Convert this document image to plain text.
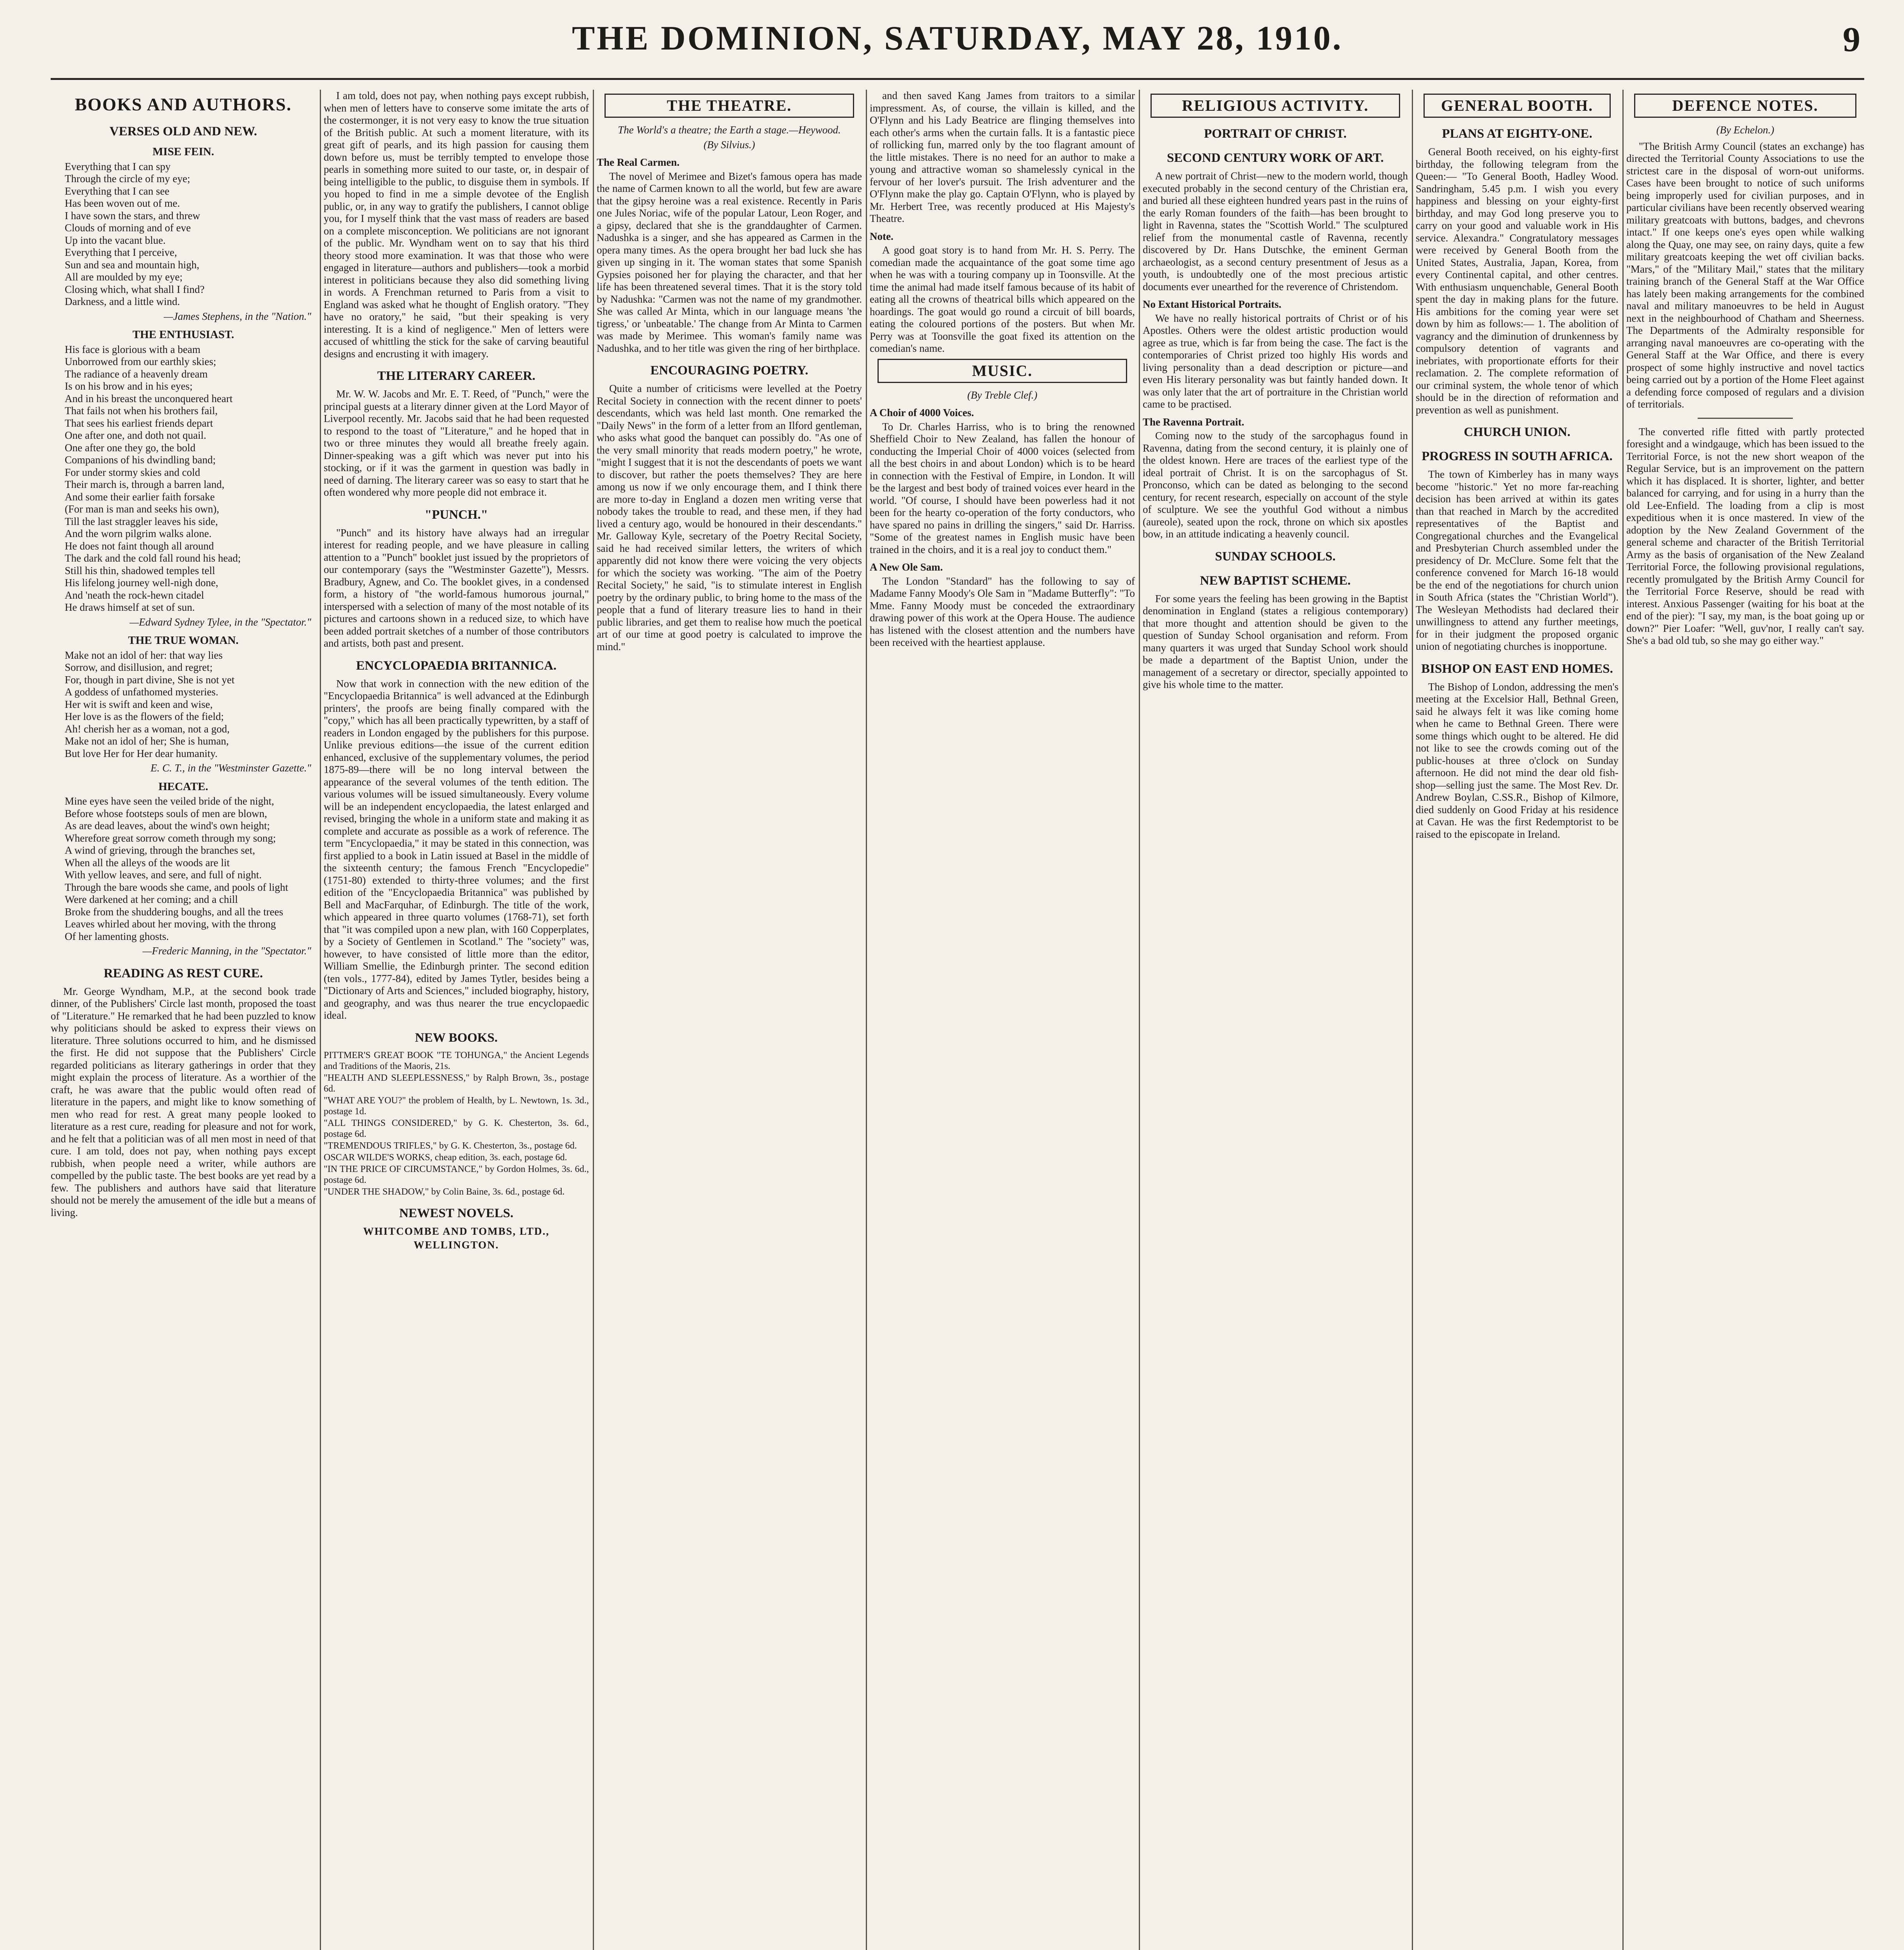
THE DOMINION, SATURDAY, MAY 28, 1910.	9
BOOKS AND AUTHORS.
VERSES OLD AND NEW.
MISE FEIN.
Everything that I can spy
Through the circle of my eye;
Everything that I can see
Has been woven out of me.
I have sown the stars, and threw
Clouds of morning and of eve
Up into the vacant blue.
Everything that I perceive,
Sun and sea and mountain high,
All are moulded by my eye;
Closing which, what shall I find?
Darkness, and a little wind.
—James Stephens, in the "Nation."
THE ENTHUSIAST.
His face is glorious with a beam
Unborrowed from our earthly skies;
The radiance of a heavenly dream
Is on his brow and in his eyes;
And in his breast the unconquered heart
That fails not when his brothers fail,
That sees his earliest friends depart
One after one, and doth not quail.
One after one they go, the bold
Companions of his dwindling band;
For under stormy skies and cold
Their march is, through a barren land,
And some their earlier faith forsake
(For man is man and seeks his own),
Till the last straggler leaves his side,
And the worn pilgrim walks alone.
He does not faint though all around
The dark and the cold fall round his head;
Still his thin, shadowed temples tell
His lifelong journey well-nigh done,
And 'neath the rock-hewn citadel
He draws himself at set of sun.
—Edward Sydney Tylee, in the "Spectator."
THE TRUE WOMAN.
Make not an idol of her: that way lies
Sorrow, and disillusion, and regret;
For, though in part divine, She is not yet
A goddess of unfathomed mysteries.
Her wit is swift and keen and wise,
Her love is as the flowers of the field;
Ah! cherish her as a woman, not a god,
Make not an idol of her; She is human,
But love Her for Her dear humanity.
E. C. T., in the "Westminster Gazette."
HECATE.
Mine eyes have seen the veiled bride of the night,
Before whose footsteps souls of men are blown,
As are dead leaves, about the wind's own height;
Wherefore great sorrow cometh through my song;
A wind of grieving, through the branches set,
When all the alleys of the woods are lit
With yellow leaves, and sere, and full of night.
Through the bare woods she came, and pools of light
Were darkened at her coming; and a chill
Broke from the shuddering boughs, and all the trees
Leaves whirled about her moving, with the throng
Of her lamenting ghosts.
—Frederic Manning, in the "Spectator."
READING AS REST CURE.

Mr. George Wyndham, M.P., at the second book trade dinner, of the Publishers' Circle last month, proposed the toast of "Literature." He remarked that he had been puzzled to know why politicians should be asked to express their views on literature. Three solutions occurred to him, and he dismissed the first. He did not suppose that the Publishers' Circle regarded politicians as literary gatherings in order that they might explain the process of literature. As a worthier of the craft, he was aware that the public would often read of literature in the papers, and might like to know something of men who read for rest. A great many people looked to literature as a rest cure, reading for pleasure and not for work, and he felt that a politician was of all men most in need of that cure. I am told, does not pay, when nothing pays except rubbish, when people need a writer, while authors are compelled by the public taste. The best books are yet read by a few. The publishers and authors have said that literature should not be merely the amusement of the idle but a means of living.

I am told, does not pay, when nothing pays except rubbish, when men of letters have to conserve some imitate the arts of the costermonger, it is not very easy to know the true situation of the British public. At such a moment literature, with its great gift of pearls, and its high passion for causing them down before us, must be terribly tempted to envelope those pearls in something more suited to our taste, or, in despair of being intelligible to the public, to disguise them in symbols. If you hoped to find in me a simple devotee of the English public, or, in any way to gratify the publishers, I cannot oblige you, for I myself think that the vast mass of readers are based on a complete misconception. We politicians are not ignorant of the public. Mr. Wyndham went on to say that his third theory stood more examination. It was that those who were engaged in literature—authors and publishers—took a morbid interest in politicians because they also did something living in words. A Frenchman returned to Paris from a visit to England was asked what he thought of English oratory. "They have no oratory," he said, "but their speaking is very interesting. It is a kind of negligence." Men of letters were accused of whittling the stick for the sake of carving beautiful designs and encrusting it with imagery.

THE LITERARY CAREER.

Mr. W. W. Jacobs and Mr. E. T. Reed, of "Punch," were the principal guests at a literary dinner given at the Lord Mayor of Liverpool recently. Mr. Jacobs said that he had been requested to respond to the toast of "Literature," and he hoped that in two or three minutes they would all breathe freely again. Dinner-speaking was a gift which was never put into his stocking, or if it was the garment in question was badly in need of darning. The literary career was so easy to start that he often wondered why more people did not embrace it.

"PUNCH."

"Punch" and its history have always had an irregular interest for reading people, and we have pleasure in calling attention to a "Punch" booklet just issued by the proprietors of our contemporary (says the "Westminster Gazette"), Messrs. Bradbury, Agnew, and Co. The booklet gives, in a condensed form, a history of "the world-famous humorous journal," interspersed with a selection of many of the most notable of its pictures and cartoons shown in a reduced size, to which have been added portrait sketches of a number of those contributors and artists, both past and present.

ENCYCLOPAEDIA BRITANNICA.

Now that work in connection with the new edition of the "Encyclopaedia Britannica" is well advanced at the Edinburgh printers', the proofs are being finally compared with the "copy," which has all been practically typewritten, by a staff of readers in London engaged by the publishers for this purpose. Unlike previous editions—the issue of the current edition enhanced, exclusive of the supplementary volumes, the period 1875-89—there will be no long interval between the appearance of the several volumes of the tenth edition. The various volumes will be issued simultaneously. Every volume will be an independent encyclopaedia, the latest enlarged and revised, bringing the whole in a uniform state and making it as complete and accurate as possible as a work of reference. The term "Encyclopaedia," it may be stated in this connection, was first applied to a book in Latin issued at Basel in the middle of the sixteenth century; the famous French "Encyclopedie" (1751-80) extended to thirty-three volumes; and the first edition of the "Encyclopaedia Britannica" was published by Bell and MacFarquhar, of Edinburgh. The title of the work, which appeared in three quarto volumes (1768-71), set forth that "it was compiled upon a new plan, with 160 Copperplates, by a Society of Gentlemen in Scotland." The "society" was, however, to have consisted of little more than the editor, William Smellie, the Edinburgh printer. The second edition (ten vols., 1777-84), edited by James Tytler, besides being a "Dictionary of Arts and Sciences," included biography, history, and geography, and was thus nearer the true encyclopaedic ideal.

NEW BOOKS.
PITTMER'S GREAT BOOK "TE TOHUNGA," the Ancient Legends and Traditions of the Maoris, 21s.
"HEALTH AND SLEEPLESSNESS," by Ralph Brown, 3s., postage 6d.
"WHAT ARE YOU?" the problem of Health, by L. Newtown, 1s. 3d., postage 1d.
"ALL THINGS CONSIDERED," by G. K. Chesterton, 3s. 6d., postage 6d.
"TREMENDOUS TRIFLES," by G. K. Chesterton, 3s., postage 6d.
OSCAR WILDE'S WORKS, cheap edition, 3s. each, postage 6d.
"IN THE PRICE OF CIRCUMSTANCE," by Gordon Holmes, 3s. 6d., postage 6d.
"UNDER THE SHADOW," by Colin Baine, 3s. 6d., postage 6d.
NEWEST NOVELS.
WHITCOMBE AND TOMBS, LTD.,
WELLINGTON.
THE THEATRE.
The World's a theatre; the Earth a stage.—Heywood.
(By Silvius.)
The Real Carmen.

The novel of Merimee and Bizet's famous opera has made the name of Carmen known to all the world, but few are aware that the gipsy heroine was a real existence. Recently in Paris one Jules Noriac, wife of the popular Latour, Leon Roger, and a gipsy, declared that she is the granddaughter of Carmen. Nadushka is a singer, and she has appeared as Carmen in the opera many times. As the opera brought her bad luck she has given up singing in it. The woman states that some Spanish Gypsies poisoned her for playing the character, and that her life has been threatened several times. That it is the story told by Nadushka: "Carmen was not the name of my grandmother. She was called Ar Minta, which in our language means 'the tigress,' or 'unbeatable.' The change from Ar Minta to Carmen was made by Merimee. This woman's family name was Nadushka, and to her title was given the ring of her birthplace.

ENCOURAGING POETRY.

Quite a number of criticisms were levelled at the Poetry Recital Society in connection with the recent dinner to poets' descendants, which was held last month. One remarked the "Daily News" in the form of a letter from an Ilford gentleman, who asks what good the banquet can possibly do. "As one of the very small minority that reads modern poetry," he wrote, "might I suggest that it is not the descendants of poets we want to discover, but rather the poets themselves? They are here among us now if we only encourage them, and I think there are more to-day in England a dozen men writing verse that nobody takes the trouble to read, and these men, if they had lived a century ago, would be honoured in their descendants." Mr. Galloway Kyle, secretary of the Poetry Recital Society, said he had received similar letters, the writers of which apparently did not know there were voicing the very objects for which the society was working. "The aim of the Poetry Recital Society," he said, "is to stimulate interest in English poetry by the ordinary public, to bring home to the mass of the people that a fund of literary treasure lies to hand in their public libraries, and get them to realise how much the poetical art of our time at good poetry is calculated to improve the mind."

and then saved Kang James from traitors to a similar impressment. As, of course, the villain is killed, and the O'Flynn and his Lady Beatrice are flinging themselves into each other's arms when the curtain falls. It is a fantastic piece of rollicking fun, marred only by the too flagrant amount of the little mistakes. There is no need for an author to make a young and attractive woman so shamelessly cynical in the fervour of her lover's pursuit. The Irish adventurer and the O'Flynn make the play go. Captain O'Flynn, who is played by Mr. Herbert Tree, was recently produced at His Majesty's Theatre.

Note.

A good goat story is to hand from Mr. H. S. Perry. The comedian made the acquaintance of the goat some time ago when he was with a touring company up in Toonsville. At the time the animal had made itself famous because of its habit of eating all the crowns of theatrical bills which appeared on the hoardings. The goat would go round a circuit of bill boards, eating the coloured portions of the posters. But when Mr. Perry was at Toonsville the goat fixed its attention on the comedian's name.

MUSIC.
(By Treble Clef.)
A Choir of 4000 Voices.

To Dr. Charles Harriss, who is to bring the renowned Sheffield Choir to New Zealand, has fallen the honour of conducting the Imperial Choir of 4000 voices (selected from all the best choirs in and about London) which is to be heard in connection with the Festival of Empire, in London. It will be the largest and best body of trained voices ever heard in the world. "Of course, I should have been powerless had it not been for the hearty co-operation of the forty conductors, who have spared no pains in drilling the singers," said Dr. Harriss. "Some of the greatest names in English music have been trained in the choirs, and it is a real joy to conduct them."

A New Ole Sam.

The London "Standard" has the following to say of Madame Fanny Moody's Ole Sam in "Madame Butterfly": "To Mme. Fanny Moody must be conceded the extraordinary drawing power of this work at the Opera House. The audience has listened with the closest attention and the numbers have been received with the heartiest applause.

RELIGIOUS ACTIVITY.
PORTRAIT OF CHRIST.
SECOND CENTURY WORK OF ART.

A new portrait of Christ—new to the modern world, though executed probably in the second century of the Christian era, and buried all these eighteen hundred years past in the ruins of the early Roman founders of the faith—has been brought to light in Ravenna, states the "Scottish World." The sculptured relief from the monumental castle of Ravenna, recently discovered by Dr. Hans Dutschke, the eminent German archaeologist, as a second century presentment of Jesus as a youth, is undoubtedly one of the most precious artistic documents ever unearthed for the reverence of Christendom.

No Extant Historical Portraits.

We have no really historical portraits of Christ or of his Apostles. Others were the oldest artistic production would agree as true, which is far from being the case. The fact is the contemporaries of Christ prized too highly His words and living personality than a dead description or picture—and even His literary personality was but faintly handed down. It was only later that the art of portraiture in the Christian world came to be practised.

The Ravenna Portrait.

Coming now to the study of the sarcophagus found in Ravenna, dating from the second century, it is plainly one of the oldest known. Here are traces of the earliest type of the ideal portrait of Christ. It is on the sarcophagus of St. Pronconso, which can be dated as belonging to the second century, for recent research, especially on account of the style of sculpture. We see the youthful God without a nimbus (aureole), seated upon the rock, throne on which six apostles bow, in an attitude indicating a heavenly council.

SUNDAY SCHOOLS.
NEW BAPTIST SCHEME.

For some years the feeling has been growing in the Baptist denomination in England (states a religious contemporary) that more thought and attention should be given to the question of Sunday School organisation and reform. From many quarters it was urged that Sunday School work should be made a department of the Baptist Union, under the management of a secretary or director, specially appointed to give his whole time to the matter.

GENERAL BOOTH.
PLANS AT EIGHTY-ONE.

General Booth received, on his eighty-first birthday, the following telegram from the Queen:— "To General Booth, Hadley Wood. Sandringham, 5.45 p.m. I wish you every happiness and blessing on your eighty-first birthday, and may God long preserve you to carry on your good and valuable work in His service. Alexandra." Congratulatory messages were received by General Booth from the United States, Australia, Japan, Korea, from every Continental capital, and other centres. With enthusiasm unquenchable, General Booth spent the day in making plans for the future. His ambitions for the coming year were set down by him as follows:— 1. The abolition of vagrancy and the diminution of drunkenness by compulsory detention of vagrants and inebriates, with proportionate efforts for their reclamation. 2. The complete reformation of our criminal system, the whole tenor of which should be in the direction of reformation and prevention as well as punishment.

CHURCH UNION.
PROGRESS IN SOUTH AFRICA.

The town of Kimberley has in many ways become "historic." Yet no more far-reaching decision has been arrived at within its gates than that reached in March by the accredited representatives of the Baptist and Congregational churches and the Evangelical and Presbyterian Church assembled under the presidency of Dr. McClure. Some felt that the conference convened for March 16-18 would be the end of the negotiations for church union in South Africa (states the "Christian World"). The Wesleyan Methodists had declared their unwillingness to attend any further meetings, for in their judgment the proposed organic union of negotiating churches is inopportune.

BISHOP ON EAST END HOMES.

The Bishop of London, addressing the men's meeting at the Excelsior Hall, Bethnal Green, said he always felt it was like coming home when he came to Bethnal Green. There were some things which ought to be altered. He did not like to see the crowds coming out of the public-houses at three o'clock on Sunday afternoon. He did not mind the dear old fish-shop—selling just the same. The Most Rev. Dr. Andrew Boylan, C.SS.R., Bishop of Kilmore, died suddenly on Good Friday at his residence at Cavan. He was the first Redemptorist to be raised to the episcopate in Ireland.

DEFENCE NOTES.
(By Echelon.)

"The British Army Council (states an exchange) has directed the Territorial County Associations to use the strictest care in the disposal of worn-out uniforms. Cases have been brought to notice of such uniforms being improperly used for civilian purposes, and in particular civilians have been recently observed wearing military greatcoats with buttons, badges, and chevrons intact." If one keeps one's eyes open while walking along the Quay, one may see, on rainy days, quite a few military greatcoats keeping the wet off civilian backs. "Mars," of the "Military Mail," states that the military training branch of the General Staff at the War Office has lately been making arrangements for the combined naval and military manoeuvres to be held in August next in the neighbourhood of Chatham and Sheerness. The Departments of the Admiralty responsible for arranging naval manoeuvres are co-operating with the General Staff at the War Office, and there is every prospect of some highly instructive and novel tactics being carried out by a portion of the Home Fleet against a defending force composed of regulars and a division of territorials.

The converted rifle fitted with partly protected foresight and a windgauge, which has been issued to the Territorial Force, is not the new short weapon of the Regular Service, but is an improvement on the pattern which it has displaced. It is shorter, lighter, and better balanced for carrying, and for using in a hurry than the old Lee-Enfield. The loading from a clip is most expeditious when it is once mastered. In view of the adoption by the New Zealand Government of the general scheme and character of the British Territorial Army as the basis of organisation of the New Zealand Territorial Force, the following provisional regulations, recently promulgated by the British Army Council for the Territorial Force Reserve, should be read with interest. Anxious Passenger (waiting for his boat at the end of the pier): "I say, my man, is the boat going up or down?" Pier Loafer: "Well, guv'nor, I really can't say. She's a bad old tub, so she may go either way."
